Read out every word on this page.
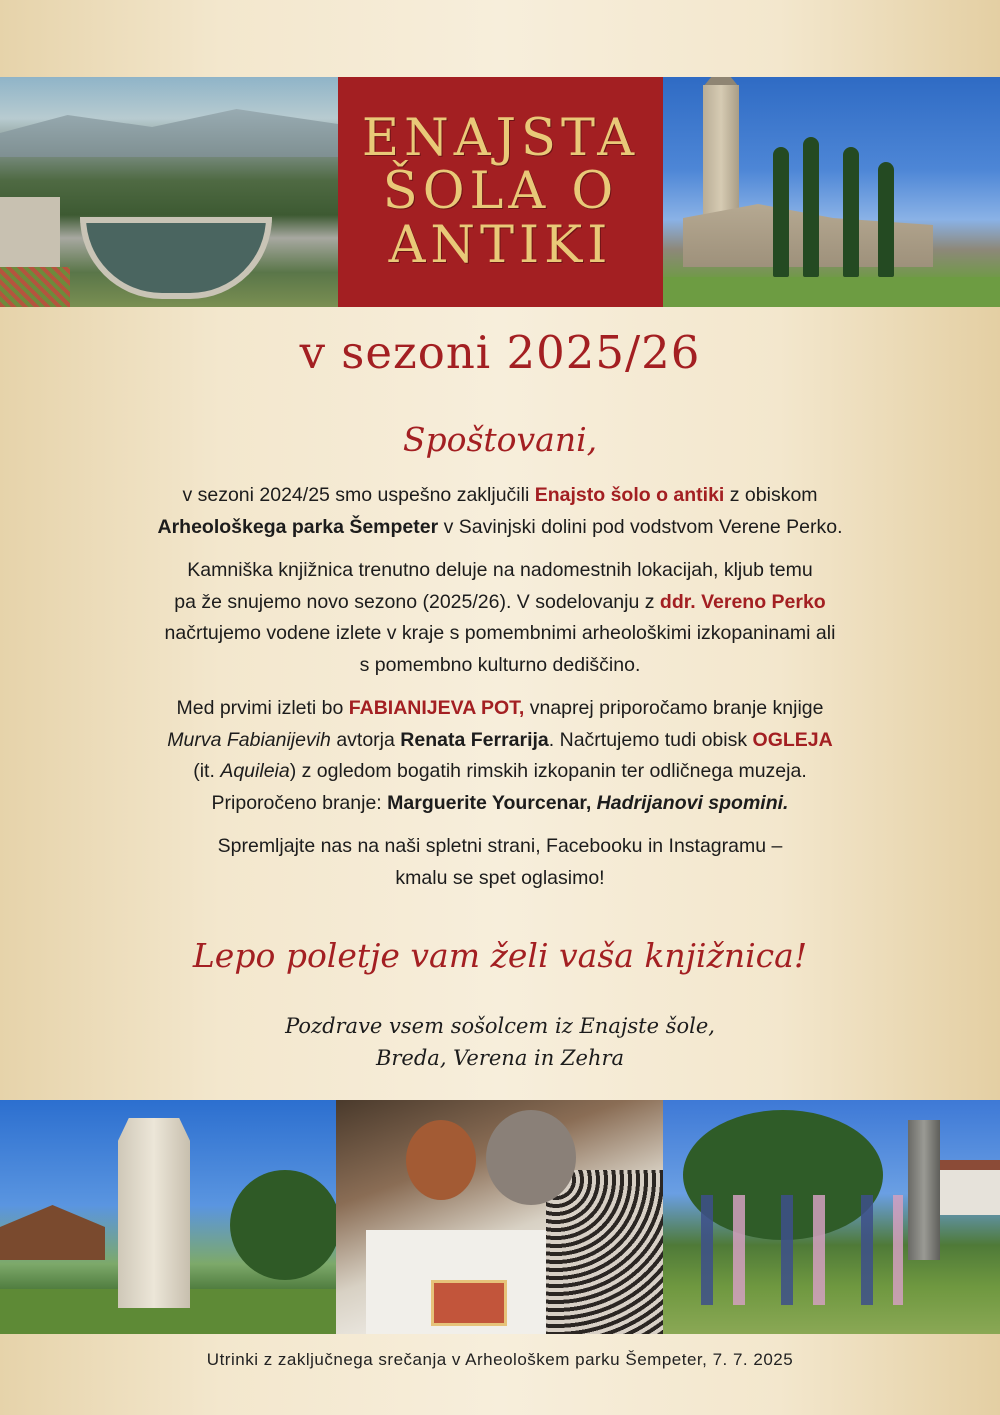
ENAJSTA
ŠOLA O
ANTIKI
v sezoni 2025/26
Spoštovani,

v sezoni 2024/25 smo uspešno zaključili Enajsto šolo o antiki z obiskom
Arheološkega parka Šempeter v Savinjski dolini pod vodstvom Verene Perko.

Kamniška knjižnica trenutno deluje na nadomestnih lokacijah, kljub temu
pa že snujemo novo sezono (2025/26). V sodelovanju z ddr. Vereno Perko
načrtujemo vodene izlete v kraje s pomembnimi arheološkimi izkopaninami ali
s pomembno kulturno dediščino.

Med prvimi izleti bo FABIANIJEVA POT, vnaprej priporočamo branje knjige
Murva Fabianijevih avtorja Renata Ferrarija. Načrtujemo tudi obisk OGLEJA
(it. Aquileia) z ogledom bogatih rimskih izkopanin ter odličnega muzeja.
Priporočeno branje: Marguerite Yourcenar, Hadrijanovi spomini.

Spremljajte nas na naši spletni strani, Facebooku in Instagramu –
kmalu se spet oglasimo!

Lepo poletje vam želi vaša knjižnica!
Pozdrave vsem sošolcem iz Enajste šole,
Breda, Verena in Zehra
Utrinki z zaključnega srečanja v Arheološkem parku Šempeter, 7. 7. 2025
